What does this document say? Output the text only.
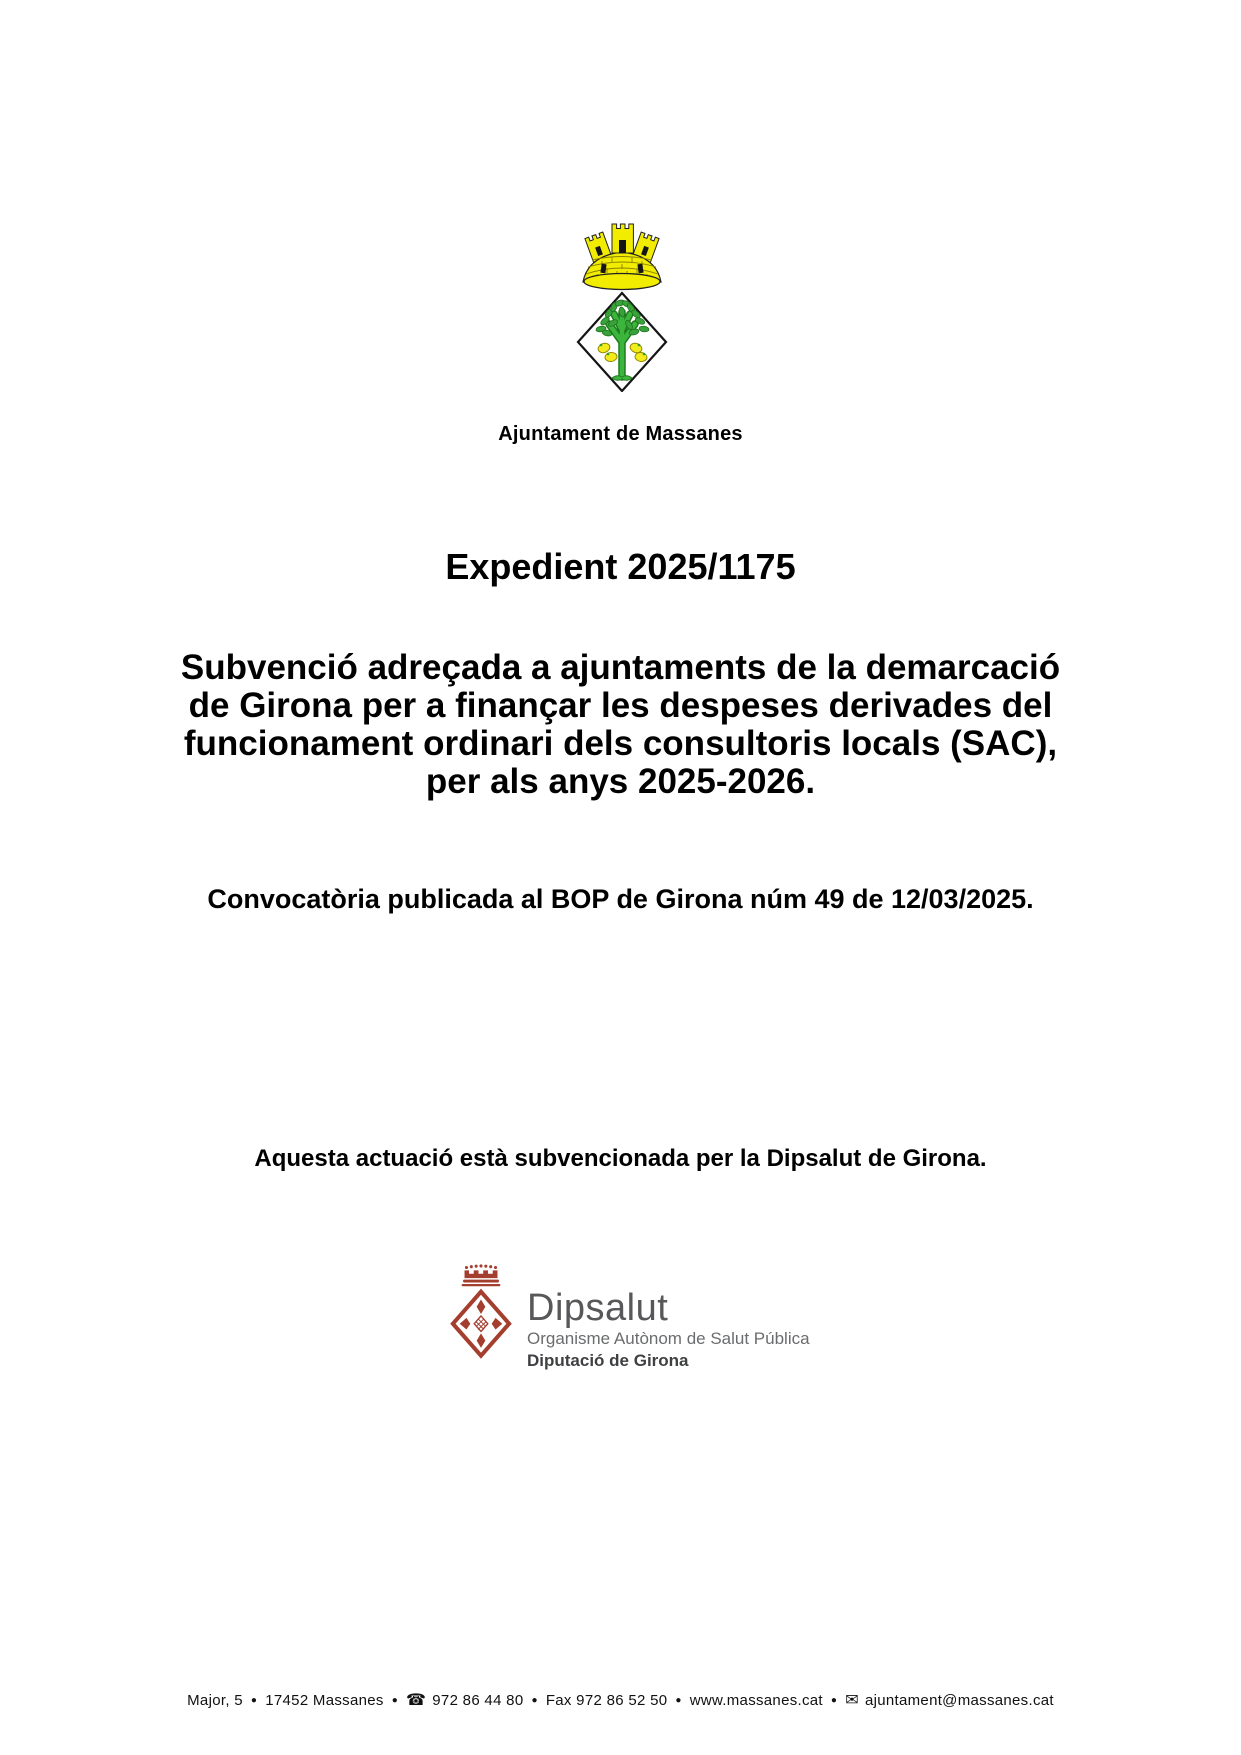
Ajuntament de Massanes
Expedient 2025/1175
Subvenció adreçada a ajuntaments de la demarcació
de Girona per a finançar les despeses derivades del
funcionament ordinari dels consultoris locals (SAC),
per als anys 2025-2026.
Convocatòria publicada al BOP de Girona núm 49 de 12/03/2025.
Aquesta actuació està subvencionada per la Dipsalut de Girona.
Dipsalut
Organisme Autònom de Salut Pública
Diputació de Girona
Major, 5 ● 17452 Massanes ● ☎ 972 86 44 80 ● Fax 972 86 52 50 ● www.massanes.cat ● ✉ ajuntament@massanes.cat
